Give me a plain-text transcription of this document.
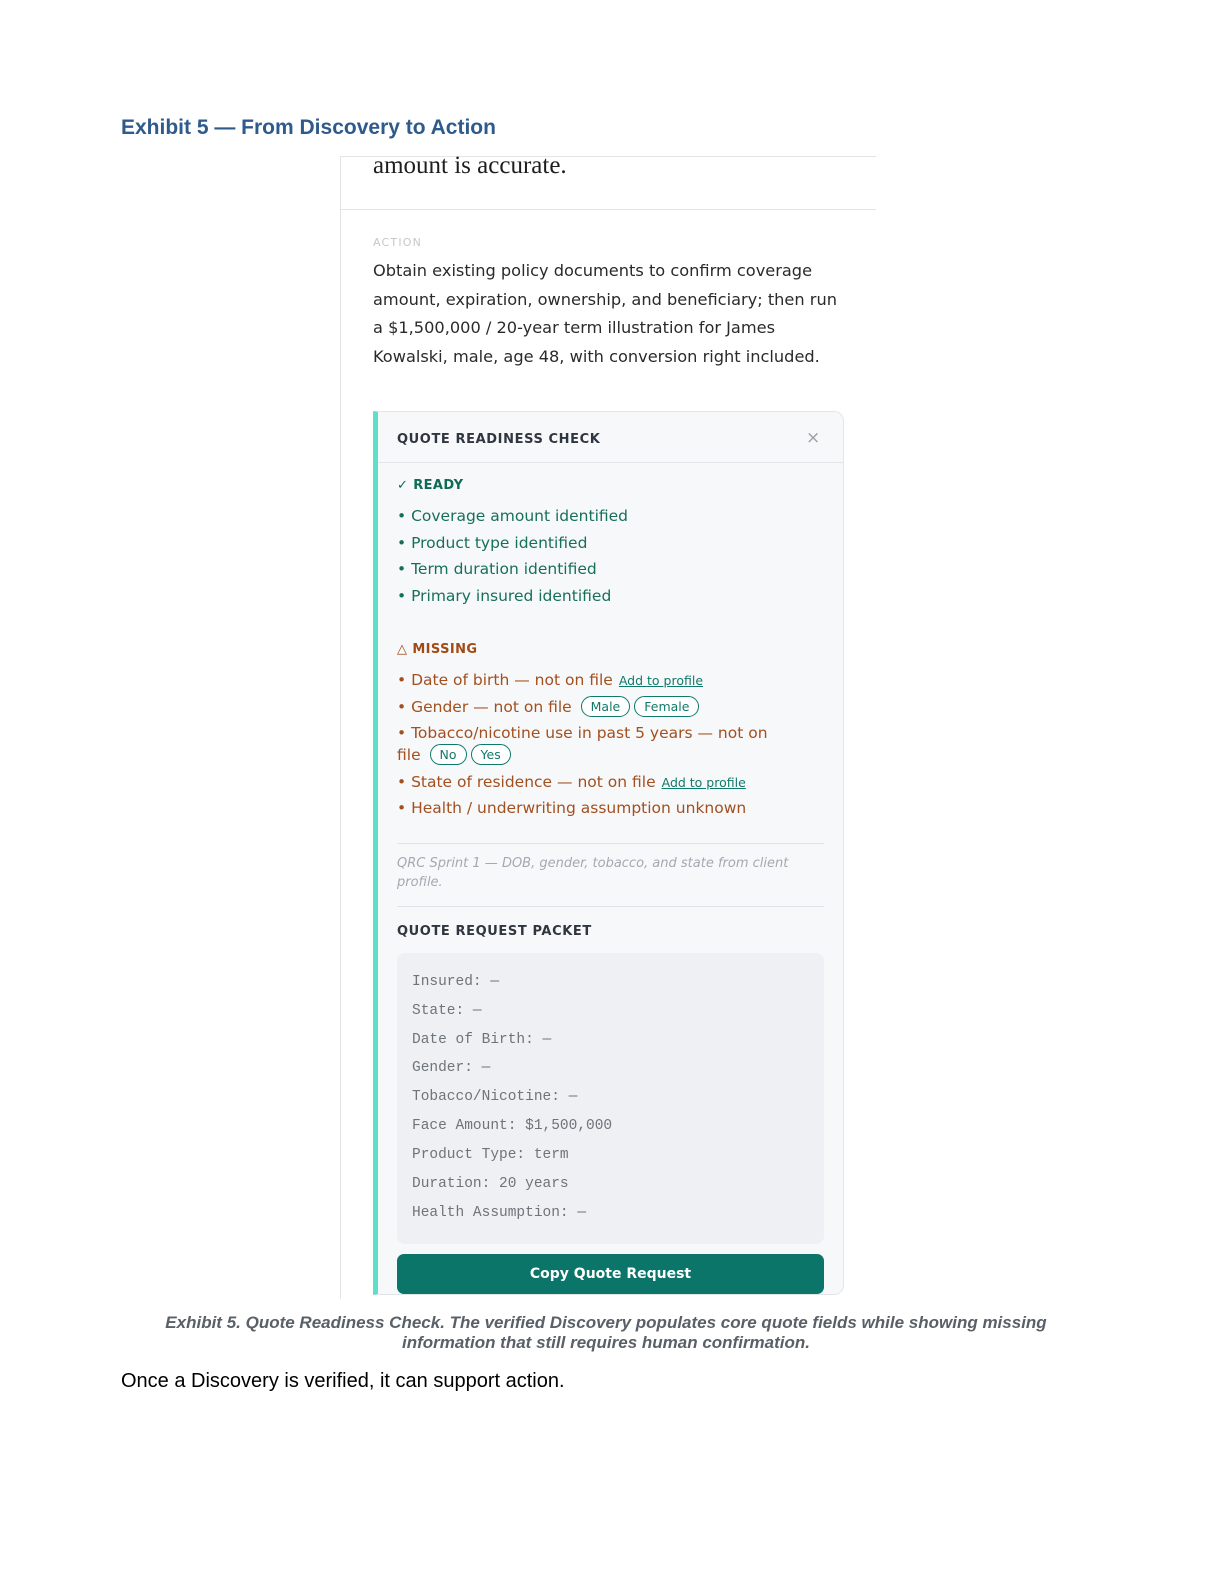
Exhibit 5 — From Discovery to Action

amount is accurate.

ACTION

Obtain existing policy documents to confirm coverage amount, expiration, ownership, and beneficiary; then run a $1,500,000 / 20-year term illustration for James Kowalski, male, age 48, with conversion right included.

QUOTE READINESS CHECK	×
✓ READY
• Coverage amount identified
• Product type identified
• Term duration identified
• Primary insured identified
△ MISSING
• Date of birth — not on file Add to profile
• Gender — not on file Male Female
• Tobacco/nicotine use in past 5 years — not on file No Yes
• State of residence — not on file Add to profile
• Health / underwriting assumption unknown

QRC Sprint 1 — DOB, gender, tobacco, and state from client profile.

QUOTE REQUEST PACKET
Insured: —
State: —
Date of Birth: —
Gender: —
Tobacco/Nicotine: —
Face Amount: $1,500,000
Product Type: term
Duration: 20 years
Health Assumption: —
Copy Quote Request

Exhibit 5. Quote Readiness Check. The verified Discovery populates core quote fields while showing missing information that still requires human confirmation.

Once a Discovery is verified, it can support action.
